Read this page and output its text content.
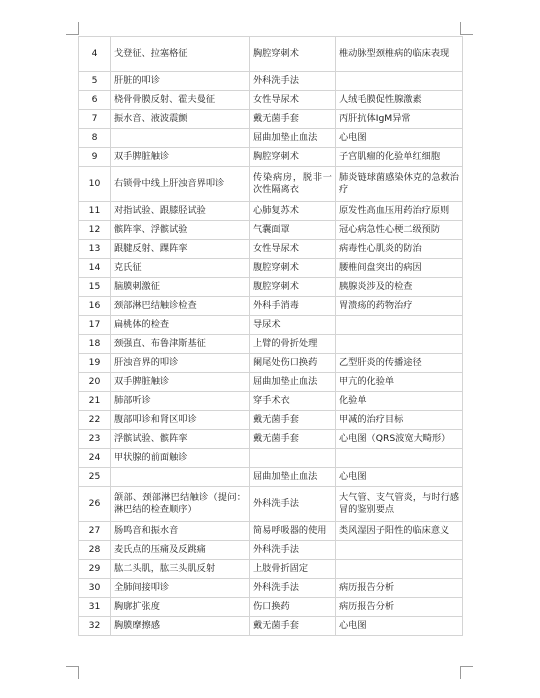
4	戈登征、拉塞格征	胸腔穿刺术	椎动脉型颈椎病的临床表现
5	肝脏的叩诊	外科洗手法	
6	桡骨骨膜反射、霍夫曼征	女性导尿术	人绒毛膜促性腺激素
7	振水音、液波震颤	戴无菌手套	丙肝抗体IgM异常
8		屈曲加垫止血法	心电图
9	双手脾脏触诊	胸腔穿刺术	子宫肌瘤的化验单红细胞
10	右锁骨中线上肝浊音界叩诊	传染病房，脱非一次性隔离衣	肺炎链球菌感染休克的急救治疗
11	对指试验、跟膝胫试验	心肺复苏术	原发性高血压用药治疗原则
12	髌阵挛、浮髌试验	气囊面罩	冠心病急性心梗二级预防
13	跟腱反射、踝阵挛	女性导尿术	病毒性心肌炎的防治
14	克氏征	腹腔穿刺术	腰椎间盘突出的病因
15	脑膜刺激征	腹腔穿刺术	胰腺炎涉及的检查
16	颈部淋巴结触诊检查	外科手消毒	胃溃疡的药物治疗
17	扁桃体的检查	导尿术	
18	颈强直、布鲁津斯基征	上臂的骨折处理	
19	肝浊音界的叩诊	阑尾处伤口换药	乙型肝炎的传播途径
20	双手脾脏触诊	屈曲加垫止血法	甲亢的化验单
21	肺部听诊	穿手术衣	化验单
22	腹部叩诊和肾区叩诊	戴无菌手套	甲减的治疗目标
23	浮髌试验、髌阵挛	戴无菌手套	心电图（QRS波宽大畸形）
24	甲状腺的前面触诊		
25		屈曲加垫止血法	心电图
26	颌部、颈部淋巴结触诊（提问：淋巴结的检查顺序）	外科洗手法	大气管、支气管炎，与时行感冒的鉴别要点
27	肠鸣音和振水音	简易呼吸器的使用	类风湿因子阳性的临床意义
28	麦氏点的压痛及反跳痛	外科洗手法	
29	肱二头肌，肱三头肌反射	上肢骨折固定	
30	全肺间接叩诊	外科洗手法	病历报告分析
31	胸廓扩张度	伤口换药	病历报告分析
32	胸膜摩擦感	戴无菌手套	心电图
